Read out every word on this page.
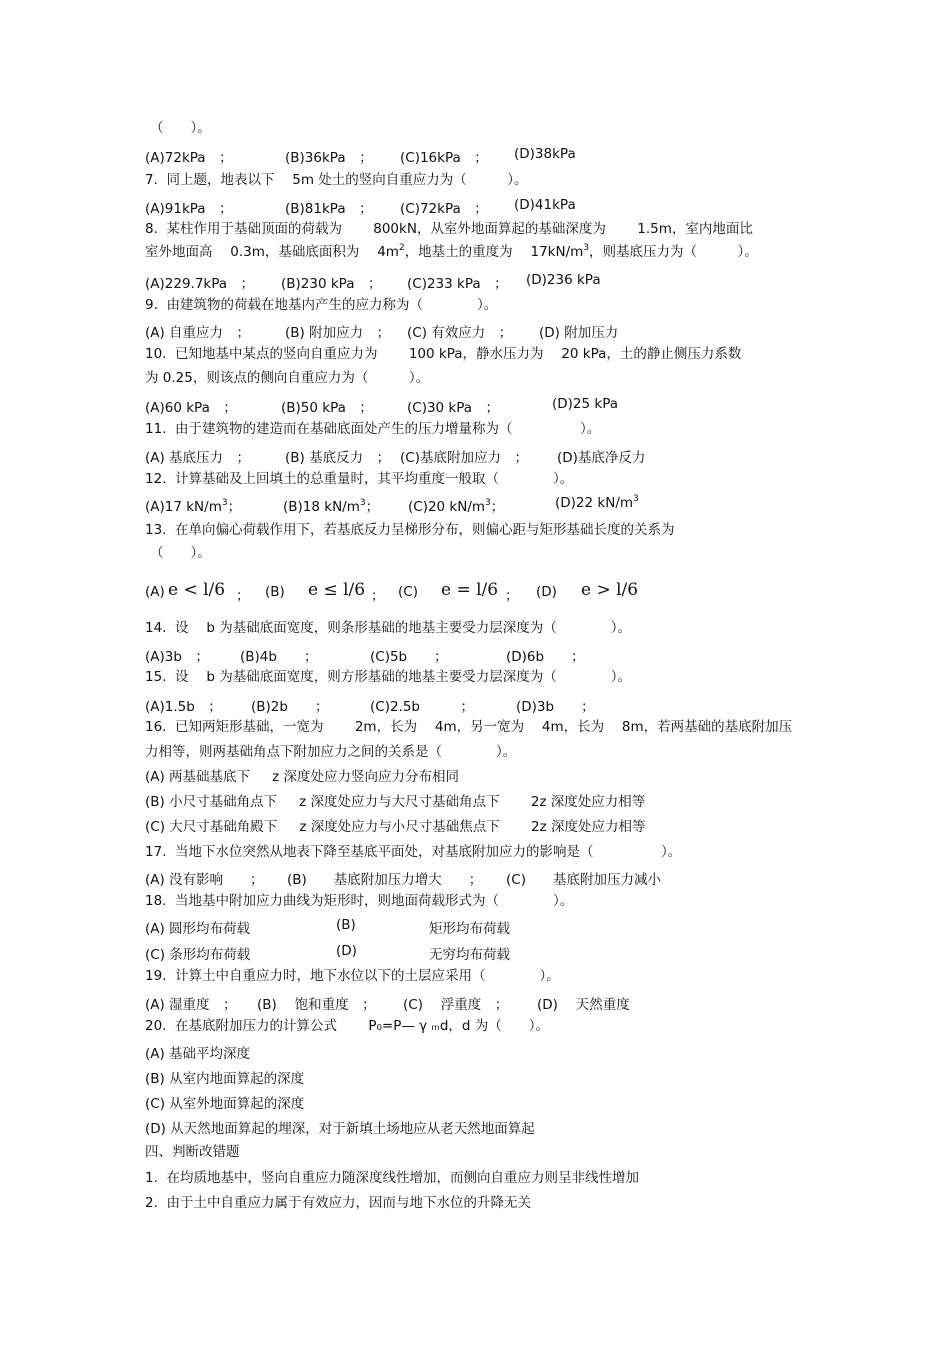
（　　）。
(A)72kPa　；	(B)36kPa　； (C)16kPa　； (D)38kPa
7.  同上题，地表以下 　5m 处土的竖向自重应力为（　　　）。
(A)91kPa　；	(B)81kPa　； (C)72kPa　； (D)41kPa
8.  某柱作用于基础顶面的荷载为 　　800kN，从室外地面算起的基础深度为 　　1.5m，室内地面比
室外地面高 　0.3m，基础底面积为 　$4m^2$，地基土的重度为 　$17kN/m^3$，则基底压力为（　　　）。
(A)229.7kPa　； (B)230 kPa　； (C)233 kPa　； (D)236 kPa
9.  由建筑物的荷载在地基内产生的应力称为（　　　　）。
(A) 自重应力　；	(B) 附加应力　； (C) 有效应力　； (D) 附加压力
10.  已知地基中某点的竖向自重应力为 　　100 kPa，静水压力为 　20 kPa，土的静止侧压力系数
为 0.25，则该点的侧向自重应力为（　　　）。
(A)60 kPa　；	(B)50 kPa　；	(C)30 kPa　；	(D)25 kPa
11.  由于建筑物的建造而在基础底面处产生的压力增量称为（　　　　　）。
(A) 基底压力　；	(B) 基底反力　； (C)基底附加应力　； (D)基底净反力
12.  计算基础及上回填土的总重量时，其平均重度一般取（　　　　）。
(A)17 $kN/m^3$；	(B)18 $kN/m^3$； (C)20 $kN/m^3$；	(D)22 $kN/m^3$
13.  在单向偏心荷载作用下，若基底反力呈梯形分布，则偏心距与矩形基础长度的关系为
（　　）。
(A) e < l/6 ； (B) e ≤ l/6 ； (C) e = l/6 ； (D) e > l/6
14.  设 　b 为基础底面宽度，则条形基础的地基主要受力层深度为（　　　　）。
(A)3b　； (B)4b　　；	(C)5b　　；	(D)6b　　；
15.  设 　b 为基础底面宽度，则方形基础的地基主要受力层深度为（　　　　）。
(A)1.5b　； (B)2b　　；	(C)2.5b　　　；	(D)3b　　；
16.  已知两矩形基础，一宽为 　　2m，长为 　4m，另一宽为 　4m，长为 　8m，若两基础的基底附加压
力相等，则两基础角点下附加应力之间的关系是（　　　　）。
(A) 两基础基底下 　 z 深度处应力竖向应力分布相同
(B) 小尺寸基础角点下 　 z 深度处应力与大尺寸基础角点下 　　2z 深度处应力相等
(C) 大尺寸基础角殿下 　 z 深度处应力与小尺寸基础焦点下 　　2z 深度处应力相等
17.  当地下水位突然从地表下降至基底平面处，对基底附加应力的影响是（　　　　　）。
(A) 没有影响　　； (B)　　基底附加压力增大　　； (C)　　基底附加压力减小
18.  当地基中附加应力曲线为矩形时，则地面荷载形式为（　　　　）。
(A) 圆形均布荷载	(B)	矩形均布荷载
(C) 条形均布荷载	(D)	无穷均布荷载
19.  计算土中自重应力时，地下水位以下的土层应采用（　　　　）。
(A) 湿重度　； (B)　 饱和重度　； (C)　 浮重度　； (D)　 天然重度
20.  在基底附加压力的计算公式 　　P₀=P— γ ₘd，d 为（　　）。
(A) 基础平均深度
(B) 从室内地面算起的深度
(C) 从室外地面算起的深度
(D) 从天然地面算起的埋深，对于新填土场地应从老天然地面算起
四、判断改错题
1.  在均质地基中，竖向自重应力随深度线性增加，而侧向自重应力则呈非线性增加
2.  由于土中自重应力属于有效应力，因而与地下水位的升降无关
